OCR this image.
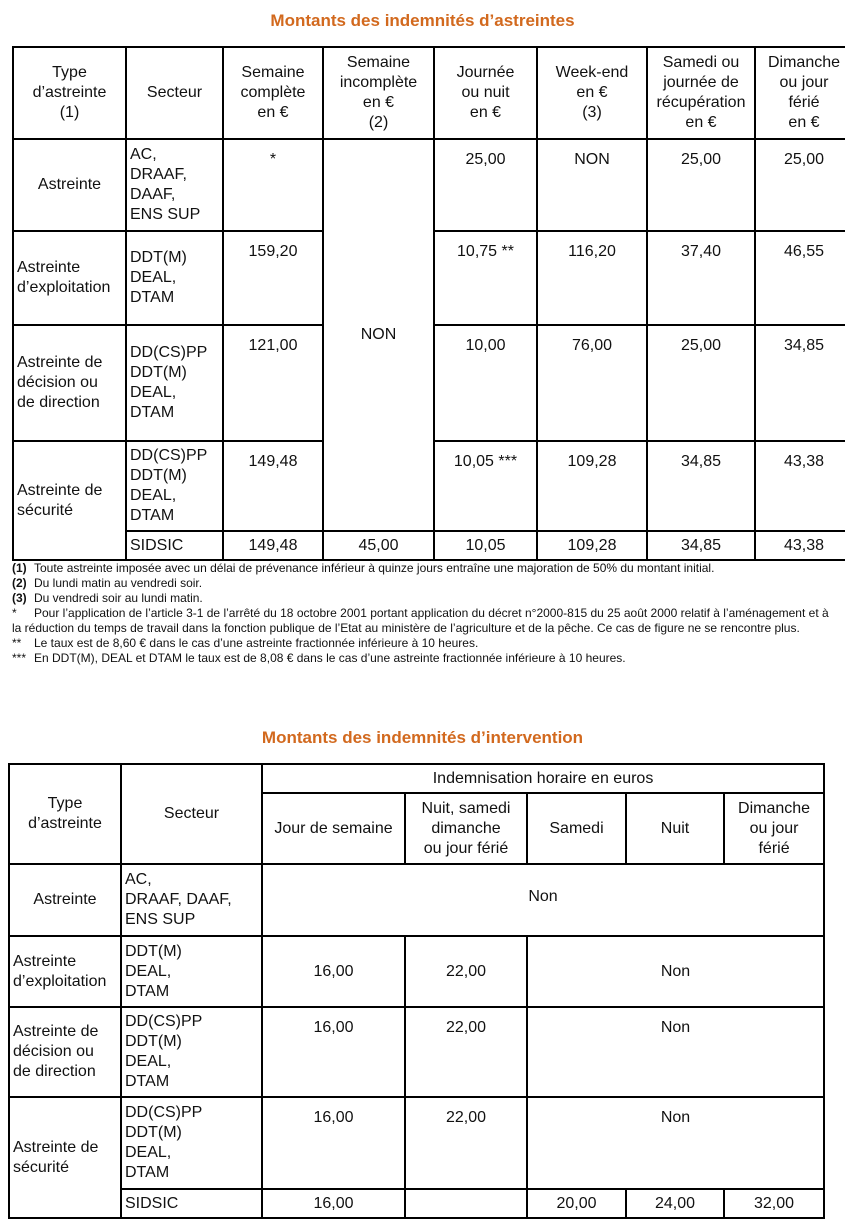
Montants des indemnités d’astreintes
Type
d’astreinte
(1)	Secteur	Semaine
complète
en €	Semaine
incomplète
en €
(2)	Journée
ou nuit
en €	Week-end
en €
(3)	Samedi ou
journée de
récupération
en €	Dimanche
ou jour
férié
en €

Astreinte	AC,
DRAAF,
DAAF,
ENS SUP	*	NON	25,00	NON	25,00	25,00

Astreinte
d’exploitation	DDT(M)
DEAL,
DTAM	159,20		10,75 **	116,20	37,40	46,55

Astreinte de
décision ou
de direction	DD(CS)PP
DDT(M)
DEAL,
DTAM	121,00		10,00	76,00	25,00	34,85

Astreinte de
sécurité	DD(CS)PP
DDT(M)
DEAL,
DTAM	149,48		10,05 ***	109,28	34,85	43,38
	SIDSIC	149,48	45,00	10,05	109,28	34,85	43,38

(1) Toute astreinte imposée avec un délai de prévenance inférieur à quinze jours entraîne une majoration de 50% du montant initial.

(2) Du lundi matin au vendredi soir.

(3) Du vendredi soir au lundi matin.

* Pour l’application de l’article 3-1 de l’arrêté du 18 octobre 2001 portant application du décret n°2000-815 du 25 août 2000 relatif à l’aménagement et à la réduction du temps de travail dans la fonction publique de l’Etat au ministère de l’agriculture et de la pêche. Ce cas de figure ne se rencontre plus.

** Le taux est de 8,60 € dans le cas d’une astreinte fractionnée inférieure à 10 heures.

*** En DDT(M), DEAL et DTAM le taux est de 8,08 € dans le cas d’une astreinte fractionnée inférieure à 10 heures.

Montants des indemnités d’intervention
Type
d’astreinte	Secteur	Indemnisation horaire en euros				

		Jour de semaine	Nuit, samedi
dimanche
ou jour férié	Samedi	Nuit	Dimanche
ou jour
férié

Astreinte	AC,
DRAAF, DAAF,
ENS SUP	Non				

Astreinte
d’exploitation	DDT(M)
DEAL,
DTAM	16,00	22,00	Non		

Astreinte de
décision ou
de direction	DD(CS)PP
DDT(M)
DEAL,
DTAM	16,00	22,00	Non		

Astreinte de
sécurité	DD(CS)PP
DDT(M)
DEAL,
DTAM	16,00	22,00	Non		
	SIDSIC	16,00		20,00	24,00	32,00
